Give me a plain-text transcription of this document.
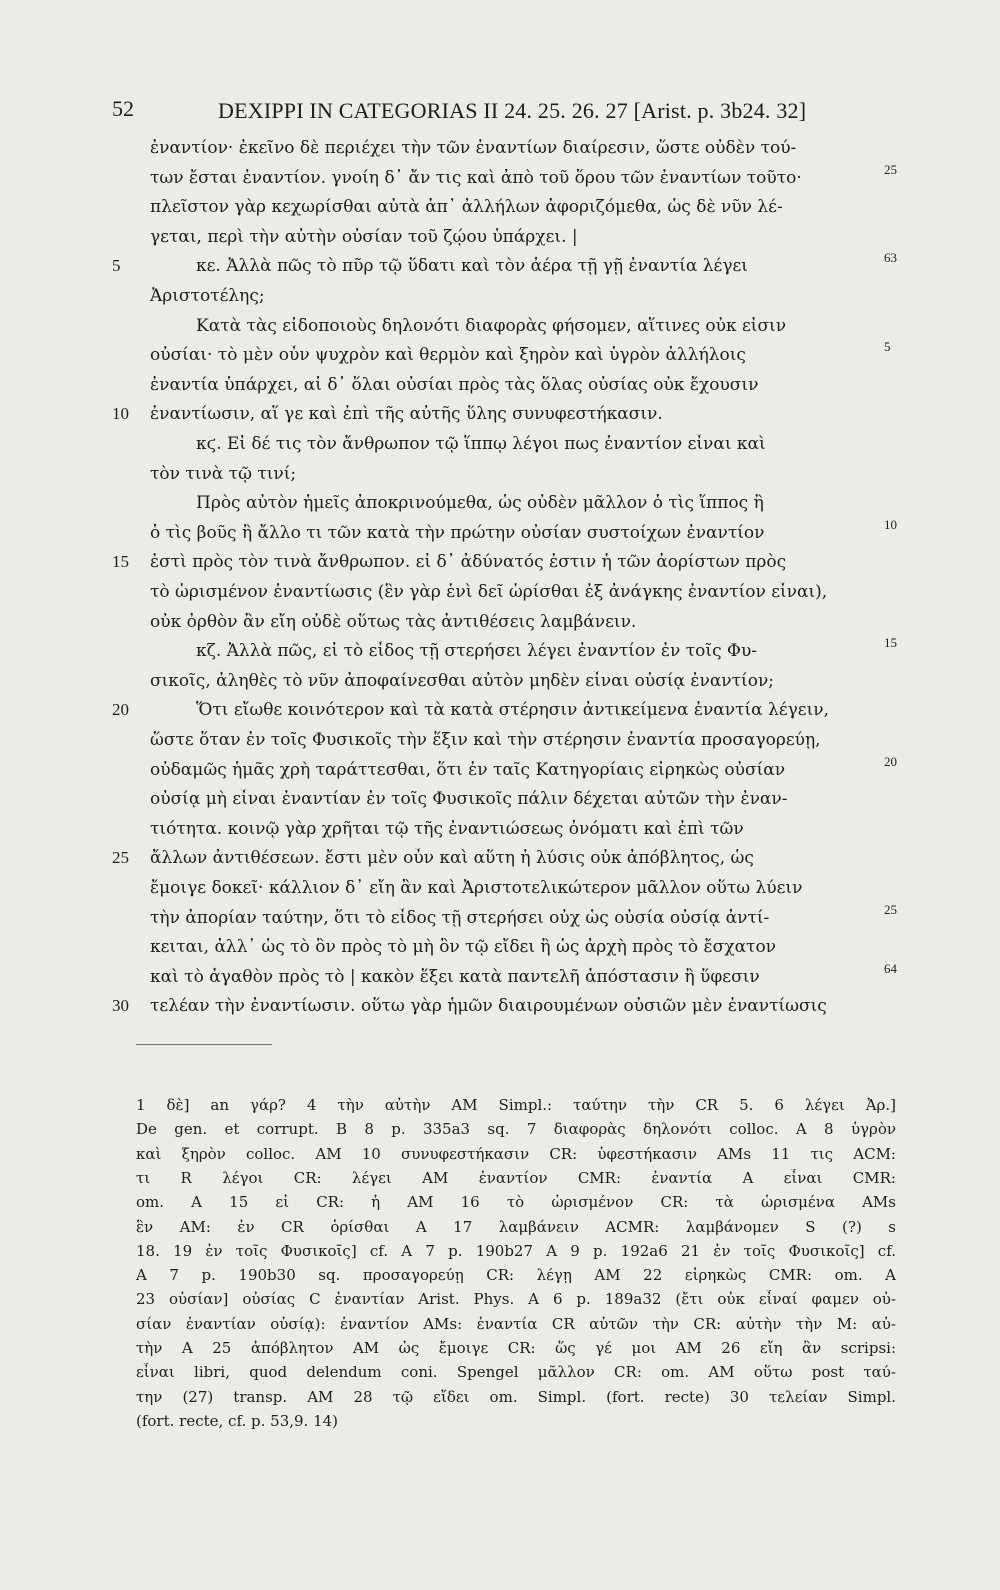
52	DEXIPPI IN CATEGORIAS II 24. 25. 26. 27 [Arist. p. 3b24. 32]
ἐναντίον· ἐκεῖνο δὲ περιέχει τὴν τῶν ἐναντίων διαίρεσιν, ὥστε οὐδὲν τού-
των ἔσται ἐναντίον. γνοίη δ᾽ ἄν τις καὶ ἀπὸ τοῦ ὅρου τῶν ἐναντίων τοῦτο·	25
πλεῖστον γὰρ κεχωρίσθαι αὐτὰ ἀπ᾽ ἀλλήλων ἀφοριζόμεθα, ὡς δὲ νῦν λέ-
γεται, περὶ τὴν αὐτὴν οὐσίαν τοῦ ζῴου ὑπάρχει. |
5	κε. Ἀλλὰ πῶς τὸ πῦρ τῷ ὕδατι καὶ τὸν ἀέρα τῇ γῇ ἐναντία λέγει	63
Ἀριστοτέλης;
Κατὰ τὰς εἰδοποιοὺς δηλονότι διαφορὰς φήσομεν, αἵτινες οὐκ εἰσιν
οὐσίαι· τὸ μὲν οὖν ψυχρὸν καὶ θερμὸν καὶ ξηρὸν καὶ ὑγρὸν ἀλλήλοις	5
ἐναντία ὑπάρχει, αἱ δ᾽ ὅλαι οὐσίαι πρὸς τὰς ὅλας οὐσίας οὐκ ἔχουσιν
10 ἐναντίωσιν, αἵ γε καὶ ἐπὶ τῆς αὐτῆς ὕλης συνυφεστήκασιν.
κϛ. Εἰ δέ τις τὸν ἄνθρωπον τῷ ἵππῳ λέγοι πως ἐναντίον εἶναι καὶ
τὸν τινὰ τῷ τινί;
Πρὸς αὐτὸν ἡμεῖς ἀποκρινούμεθα, ὡς οὐδὲν μᾶλλον ὁ τὶς ἵππος ἢ
ὁ τὶς βοῦς ἢ ἄλλο τι τῶν κατὰ τὴν πρώτην οὐσίαν συστοίχων ἐναντίον	10
15 ἐστὶ πρὸς τὸν τινὰ ἄνθρωπον. εἰ δ᾽ ἀδύνατός ἐστιν ἡ τῶν ἀορίστων πρὸς
τὸ ὡρισμένον ἐναντίωσις (ἓν γὰρ ἑνὶ δεῖ ὡρίσθαι ἐξ ἀνάγκης ἐναντίον εἶναι),
οὐκ ὀρθὸν ἂν εἴη οὐδὲ οὕτως τὰς ἀντιθέσεις λαμβάνειν.
κζ. Ἀλλὰ πῶς, εἰ τὸ εἶδος τῇ στερήσει λέγει ἐναντίον ἐν τοῖς Φυ-	15
σικοῖς, ἀληθὲς τὸ νῦν ἀποφαίνεσθαι αὐτὸν μηδὲν εἶναι οὐσίᾳ ἐναντίον;
20	Ὅτι εἴωθε κοινότερον καὶ τὰ κατὰ στέρησιν ἀντικείμενα ἐναντία λέγειν,
ὥστε ὅταν ἐν τοῖς Φυσικοῖς τὴν ἕξιν καὶ τὴν στέρησιν ἐναντία προσαγορεύῃ,
οὐδαμῶς ἡμᾶς χρὴ ταράττεσθαι, ὅτι ἐν ταῖς Κατηγορίαις εἰρηκὼς οὐσίαν	20
οὐσίᾳ μὴ εἶναι ἐναντίαν ἐν τοῖς Φυσικοῖς πάλιν δέχεται αὐτῶν τὴν ἐναν-
τιότητα. κοινῷ γὰρ χρῆται τῷ τῆς ἐναντιώσεως ὀνόματι καὶ ἐπὶ τῶν
25 ἄλλων ἀντιθέσεων. ἔστι μὲν οὖν καὶ αὕτη ἡ λύσις οὐκ ἀπόβλητος, ὡς
ἔμοιγε δοκεῖ· κάλλιον δ᾽ εἴη ἂν καὶ Ἀριστοτελικώτερον μᾶλλον οὕτω λύειν
τὴν ἀπορίαν ταύτην, ὅτι τὸ εἶδος τῇ στερήσει οὐχ ὡς οὐσία οὐσίᾳ ἀντί-	25
κειται, ἀλλ᾽ ὡς τὸ ὂν πρὸς τὸ μὴ ὂν τῷ εἴδει ἢ ὡς ἀρχὴ πρὸς τὸ ἔσχατον
καὶ τὸ ἀγαθὸν πρὸς τὸ | κακὸν ἕξει κατὰ παντελῆ ἀπόστασιν ἢ ὕφεσιν	64
30 τελέαν τὴν ἐναντίωσιν. οὕτω γὰρ ἡμῶν διαιρουμένων οὐσιῶν μὲν ἐναντίωσις
1 δὲ] an γάρ? 4 τὴν αὐτὴν AM Simpl.: ταύτην τὴν CR 5. 6 λέγει Ἀρ.]
De gen. et corrupt. B 8 p. 335a3 sq. 7 διαφορὰς δηλονότι colloc. A 8 ὑγρὸν
καὶ ξηρὸν colloc. AM 10 συνυφεστήκασιν CR: ὑφεστήκασιν AMs 11 τις ACM:
τι R λέγοι CR: λέγει AM ἐναντίον CMR: ἐναντία A εἶναι CMR:
om. A 15 εἰ CR: ἡ AM 16 τὸ ὡρισμένον CR: τὰ ὡρισμένα AMs
ἓν AM: ἐν CR ὁρίσθαι A 17 λαμβάνειν ACMR: λαμβάνομεν S (?) s
18. 19 ἐν τοῖς Φυσικοῖς] cf. A 7 p. 190b27 A 9 p. 192a6 21 ἐν τοῖς Φυσικοῖς] cf.
A 7 p. 190b30 sq. προσαγορεύῃ CR: λέγῃ AM 22 εἰρηκὼς CMR: om. A
23 οὐσίαν] οὐσίας C ἐναντίαν Arist. Phys. A 6 p. 189a32 (ἔτι οὐκ εἶναί φαμεν οὐ-
σίαν ἐναντίαν οὐσίᾳ): ἐναντίον AMs: ἐναντία CR αὐτῶν τὴν CR: αὐτὴν τὴν M: αὐ-
τὴν A 25 ἀπόβλητον AM ὡς ἔμοιγε CR: ὥς γέ μοι AM 26 εἴη ἂν scripsi:
εἶναι libri, quod delendum coni. Spengel μᾶλλον CR: om. AM οὕτω post ταύ-
την (27) transp. AM 28 τῷ εἴδει om. Simpl. (fort. recte) 30 τελείαν Simpl.
(fort. recte, cf. p. 53,9. 14)
